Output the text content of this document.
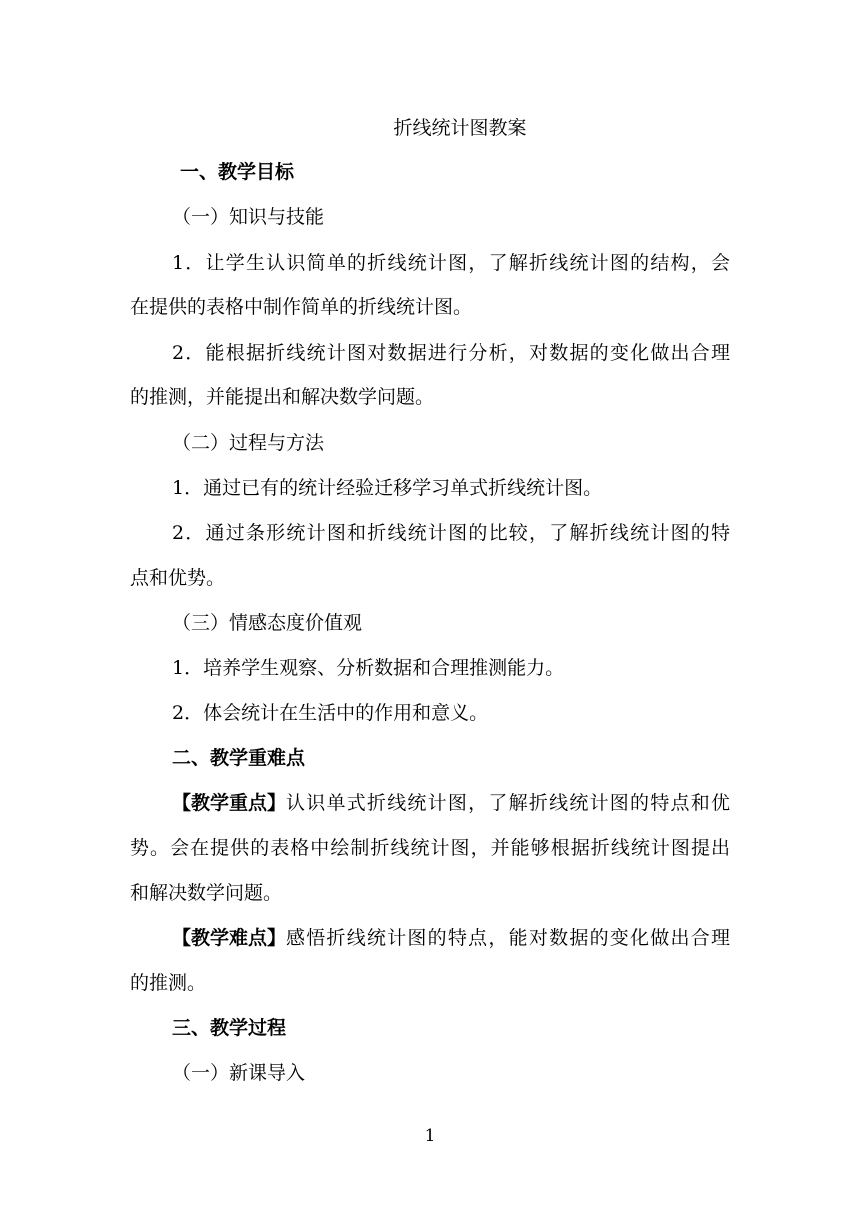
折线统计图教案
一、教学目标
（一）知识与技能
1．让学生认识简单的折线统计图，了解折线统计图的结构，会
在提供的表格中制作简单的折线统计图。
2．能根据折线统计图对数据进行分析，对数据的变化做出合理
的推测，并能提出和解决数学问题。
（二）过程与方法
1．通过已有的统计经验迁移学习单式折线统计图。
2．通过条形统计图和折线统计图的比较，了解折线统计图的特
点和优势。
（三）情感态度价值观
1．培养学生观察、分析数据和合理推测能力。
2．体会统计在生活中的作用和意义。
二、教学重难点
【教学重点】 认识单式折线统计图，了解折线统计图的特点和优
势。会在提供的表格中绘制折线统计图，并能够根据折线统计图提出
和解决数学问题。
【教学难点】 感悟折线统计图的特点，能对数据的变化做出合理
的推测。
三、教学过程
（一）新课导入
1
